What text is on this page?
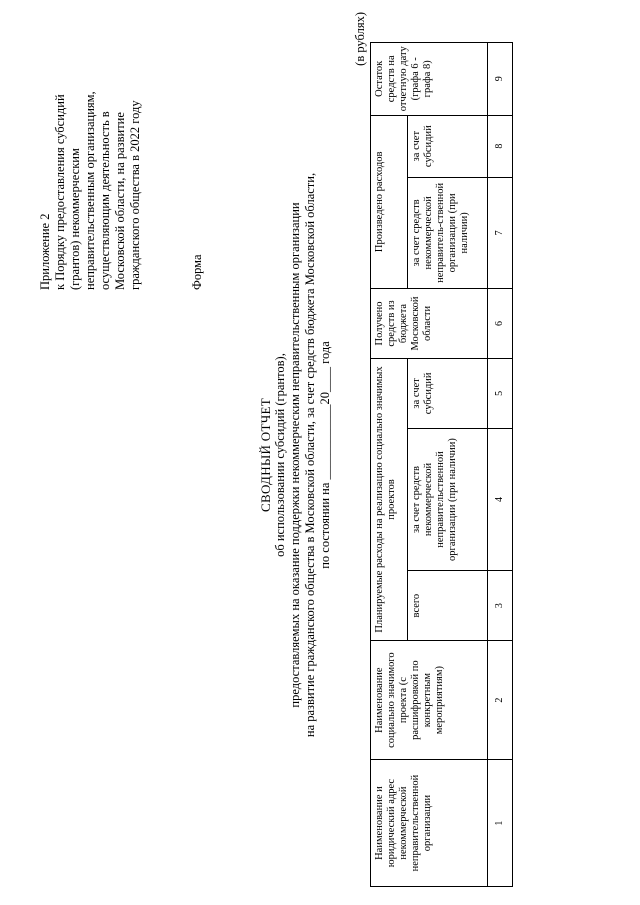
Приложение 2 к Порядку предоставления субсидий (грантов) некоммерческим неправительственным организациям, осуществляющим деятельность в Московской области, на развитие гражданского общества в 2022 году	Форма
СВОДНЫЙ ОТЧЕТ об использовании субсидий (грантов), предоставляемых на оказание поддержки некоммерческим неправительственным организации на развитие гражданского общества в Московской области, за счет средств бюджета Московской области, по состоянии на ____________20____ года
(в рублях)
Наименование и юридический адрес некоммерческой неправительственной организации	Наименование социально значимого проекта (с расшифровкой по конкретным мероприятиям)	Планируемые расходы на реализацию социально значимых проектов			Получено средств из бюджета Московской области	Произведено расходов		Остаток средств на отчетную дату (графа 6 - графа 8)
		всего	за счет средств некоммерческой неправительственной организации (при наличии)	за счет субсидий		за счет средств некоммерческой неправитель-ственной организации (при наличии)	за счет субсидий	
1	2	3	4	5	6	7	8	9
